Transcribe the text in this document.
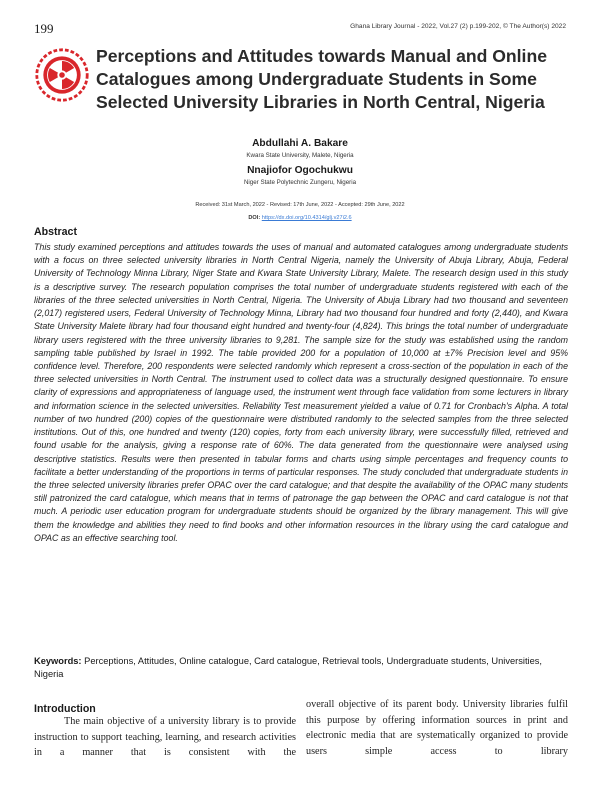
199	Ghana Library Journal - 2022, Vol.27 (2) p.199-202, © The Author(s) 2022
Perceptions and Attitudes towards Manual and Online Catalogues among Undergraduate Students in Some Selected University Libraries in North Central, Nigeria
Abdullahi A. Bakare
Kwara State University, Malete, Nigeria
Nnajiofor Ogochukwu
Niger State Polytechnic Zungeru, Nigeria
Received: 31st March, 2022 - Revised: 17th June, 2022 - Accepted: 29th June, 2022
DOI: https://dx.doi.org/10.4314/glj.v27i2.6
Abstract
This study examined perceptions and attitudes towards the uses of manual and automated catalogues among undergraduate students with a focus on three selected university libraries in North Central Nigeria, namely the University of Abuja Library, Abuja, Federal University of Technology Minna Library, Niger State and Kwara State University Library, Malete. The research design used in this study is a descriptive survey. The research population comprises the total number of undergraduate students registered with each of the libraries of the three selected universities in North Central, Nigeria. The University of Abuja Library had two thousand and seventeen (2,017) registered users, Federal University of Technology Minna, Library had two thousand four hundred and forty (2,440), and Kwara State University Malete library had four thousand eight hundred and twenty-four (4,824). This brings the total number of undergraduate library users registered with the three university libraries to 9,281. The sample size for the study was established using the random sampling table published by Israel in 1992. The table provided 200 for a population of 10,000 at ±7% Precision level and 95% confidence level. Therefore, 200 respondents were selected randomly which represent a cross-section of the population in each of the three selected universities in North Central. The instrument used to collect data was a structurally designed questionnaire. To ensure clarity of expressions and appropriateness of language used, the instrument went through face validation from some lecturers in library and information science in the selected universities. Reliability Test measurement yielded a value of 0.71 for Cronbach's Alpha. A total number of two hundred (200) copies of the questionnaire were distributed randomly to the selected samples from the three selected institutions. Out of this, one hundred and twenty (120) copies, forty from each university library, were successfully filled, retrieved and found usable for the analysis, giving a response rate of 60%. The data generated from the questionnaire were analysed using descriptive statistics. Results were then presented in tabular forms and charts using simple percentages and frequency counts to facilitate a better understanding of the proportions in terms of particular responses. The study concluded that undergraduate students in the three selected university libraries prefer OPAC over the card catalogue; and that despite the availability of the OPAC many students still patronized the card catalogue, which means that in terms of patronage the gap between the OPAC and card catalogue is not that much. A periodic user education program for undergraduate students should be organized by the library management. This will give them the knowledge and abilities they need to find books and other information resources in the library using the card catalogue and OPAC as an effective searching tool.
Keywords: Perceptions, Attitudes, Online catalogue, Card catalogue, Retrieval tools, Undergraduate students, Universities, Nigeria
Introduction
The main objective of a university library is to provide instruction to support teaching, learning, and research activities in a manner that is consistent with the
overall objective of its parent body. University libraries fulfil this purpose by offering information sources in print and electronic media that are systematically organized to provide users simple access to library
